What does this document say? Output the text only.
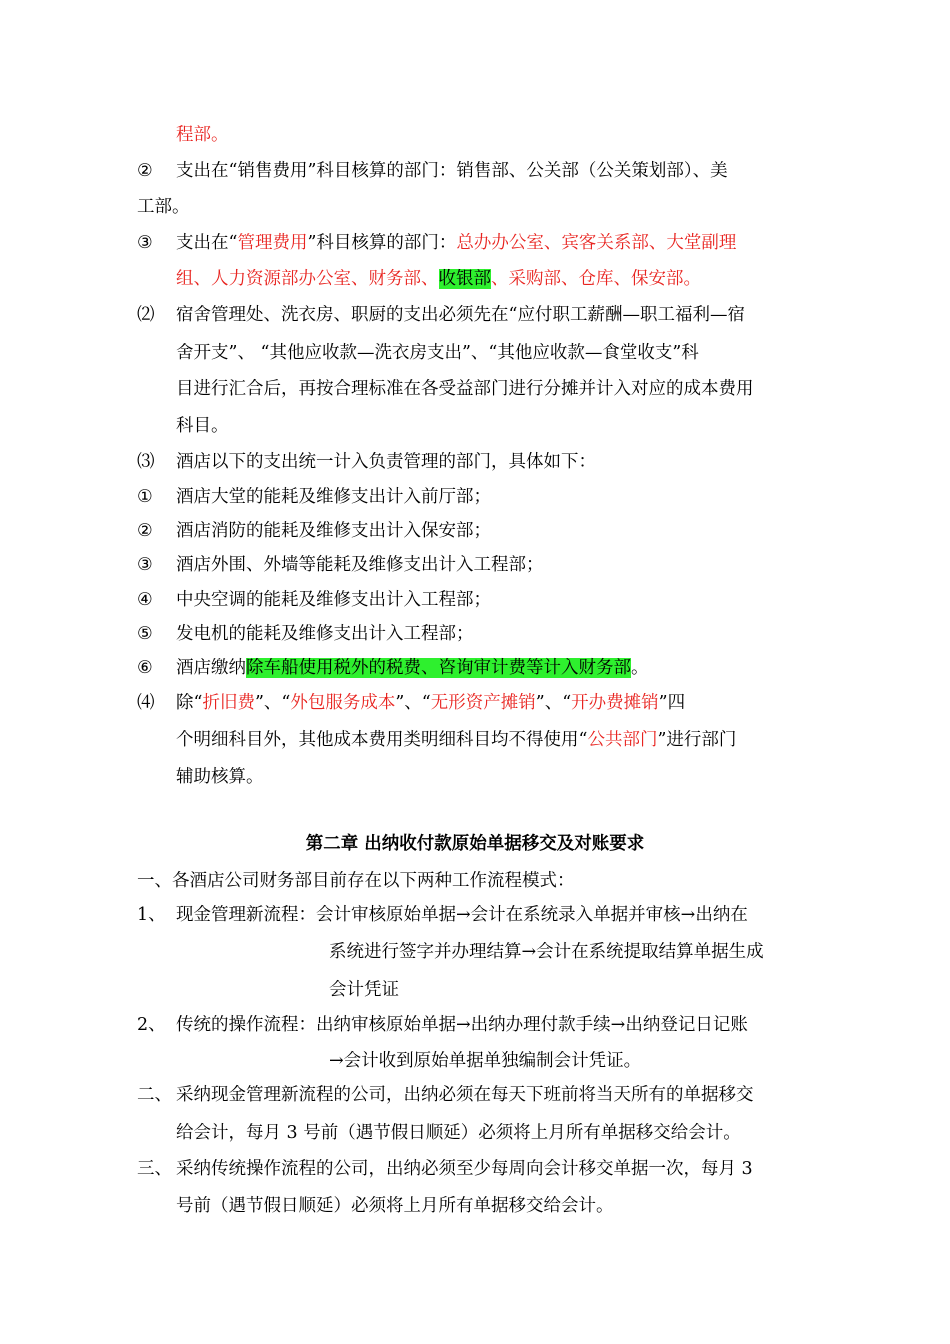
程部。
② 支出在“销售费用”科目核算的部门：销售部、公关部（公关策划部）、美
工部。
③ 支出在“管理费用”科目核算的部门：总办办公室、宾客关系部、大堂副理
组、人力资源部办公室、财务部、收银部、采购部、仓库、保安部。
⑵ 宿舍管理处、洗衣房、职厨的支出必须先在“应付职工薪酬—职工福利—宿
舍开支”、 “其他应收款—洗衣房支出”、“其他应收款—食堂收支”科
目进行汇合后，再按合理标准在各受益部门进行分摊并计入对应的成本费用
科目。
⑶ 酒店以下的支出统一计入负责管理的部门，具体如下：
① 酒店大堂的能耗及维修支出计入前厅部；
② 酒店消防的能耗及维修支出计入保安部；
③ 酒店外围、外墙等能耗及维修支出计入工程部；
④ 中央空调的能耗及维修支出计入工程部；
⑤ 发电机的能耗及维修支出计入工程部；
⑥ 酒店缴纳除车船使用税外的税费、咨询审计费等计入财务部。
⑷ 除“折旧费”、“外包服务成本”、“无形资产摊销”、“开办费摊销”四
个明细科目外，其他成本费用类明细科目均不得使用“公共部门”进行部门
辅助核算。
第二章 出纳收付款原始单据移交及对账要求
一、各酒店公司财务部目前存在以下两种工作流程模式：
1、 现金管理新流程：会计审核原始单据→会计在系统录入单据并审核→出纳在
系统进行签字并办理结算→会计在系统提取结算单据生成
会计凭证
2、 传统的操作流程：出纳审核原始单据→出纳办理付款手续→出纳登记日记账
→会计收到原始单据单独编制会计凭证。
二、 采纳现金管理新流程的公司，出纳必须在每天下班前将当天所有的单据移交
给会计，每月 3 号前（遇节假日顺延）必须将上月所有单据移交给会计。
三、 采纳传统操作流程的公司，出纳必须至少每周向会计移交单据一次，每月 3
号前（遇节假日顺延）必须将上月所有单据移交给会计。
